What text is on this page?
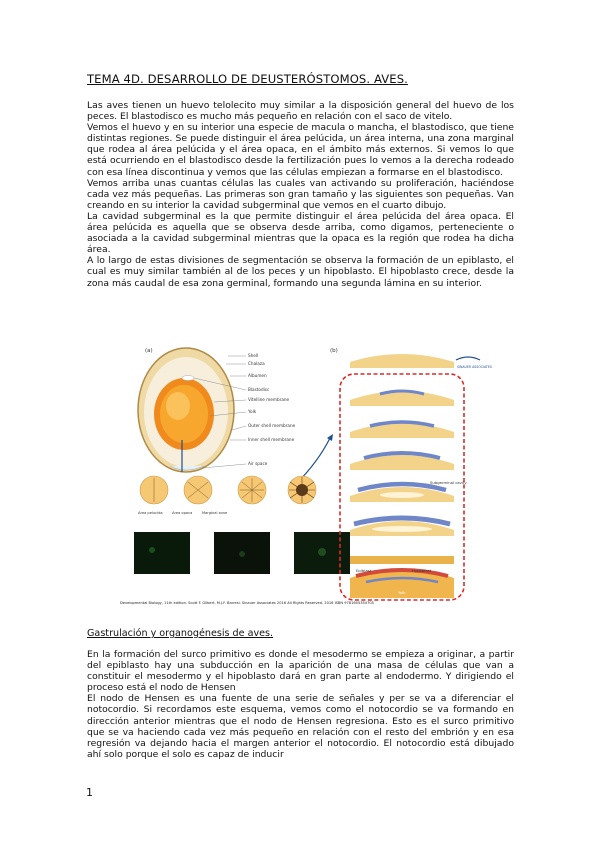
TEMA 4D. DESARROLLO DE DEUSTERÓSTOMOS. AVES.

Las aves tienen un huevo telolecito muy similar a la disposición general del huevo de los peces. El blastodisco es mucho más pequeño en relación con el saco de vitelo.

Vemos el huevo y en su interior una especie de macula o mancha, el blastodisco, que tiene distintas regiones. Se puede distinguir el área pelúcida, un área interna, una zona marginal que rodea al área pelúcida y el área opaca, en el ámbito más externos. Si vemos lo que está ocurriendo en el blastodisco desde la fertilización pues lo vemos a la derecha rodeado con esa línea discontinua y vemos que las células empiezan a formarse en el blastodisco.

Vemos arriba unas cuantas células las cuales van activando su proliferación, haciéndose cada vez más pequeñas. Las primeras son gran tamaño y las siguientes son pequeñas. Van creando en su interior la cavidad subgerminal que vemos en el cuarto dibujo.

La cavidad subgerminal es la que permite distinguir el área pelúcida del área opaca. El área pelúcida es aquella que se observa desde arriba, como digamos, perteneciente o asociada a la cavidad subgerminal mientras que la opaca es la región que rodea ha dicha área.

A lo largo de estas divisiones de segmentación se observa la formación de un epiblasto, el cual es muy similar también al de los peces y un hipoblasto. El hipoblasto crece, desde la zona más caudal de esa zona germinal, formando una segunda lámina en su interior.

(a)	(b)
Shell
Chalaza
Albumen
Blastodisc
Vitelline membrane
Yolk
Outer shell membrane
Inner shell membrane
Air space
Area pelucida	Area opaca	Marginal zone
Subgerminal cavity
Epiblast	Hypoblast
Yolk
SINAUER ASSOCIATES
Developmental Biology, 11th edition. Scott F. Gilbert, M.J.F. Barresi. Sinauer Associates 2016 All Rights Reserved. 2016 ISBN 9781605354705
Gastrulación y organogénesis de aves.

En la formación del surco primitivo es donde el mesodermo se empieza a originar, a partir del epiblasto hay una subducción en la aparición de una masa de células que van a constituir el mesodermo y el hipoblasto dará en gran parte al endodermo. Y dirigiendo el proceso está el nodo de Hensen

El nodo de Hensen es una fuente de una serie de señales y per se va a diferenciar el notocordio. Si recordamos este esquema, vemos como el notocordio se va formando en dirección anterior mientras que el nodo de Hensen regresiona. Esto es el surco primitivo que se va haciendo cada vez más pequeño en relación con el resto del embrión y en esa regresión va dejando hacia el margen anterior el notocordio. El notocordio está dibujado ahí solo porque el solo es capaz de inducir

1
